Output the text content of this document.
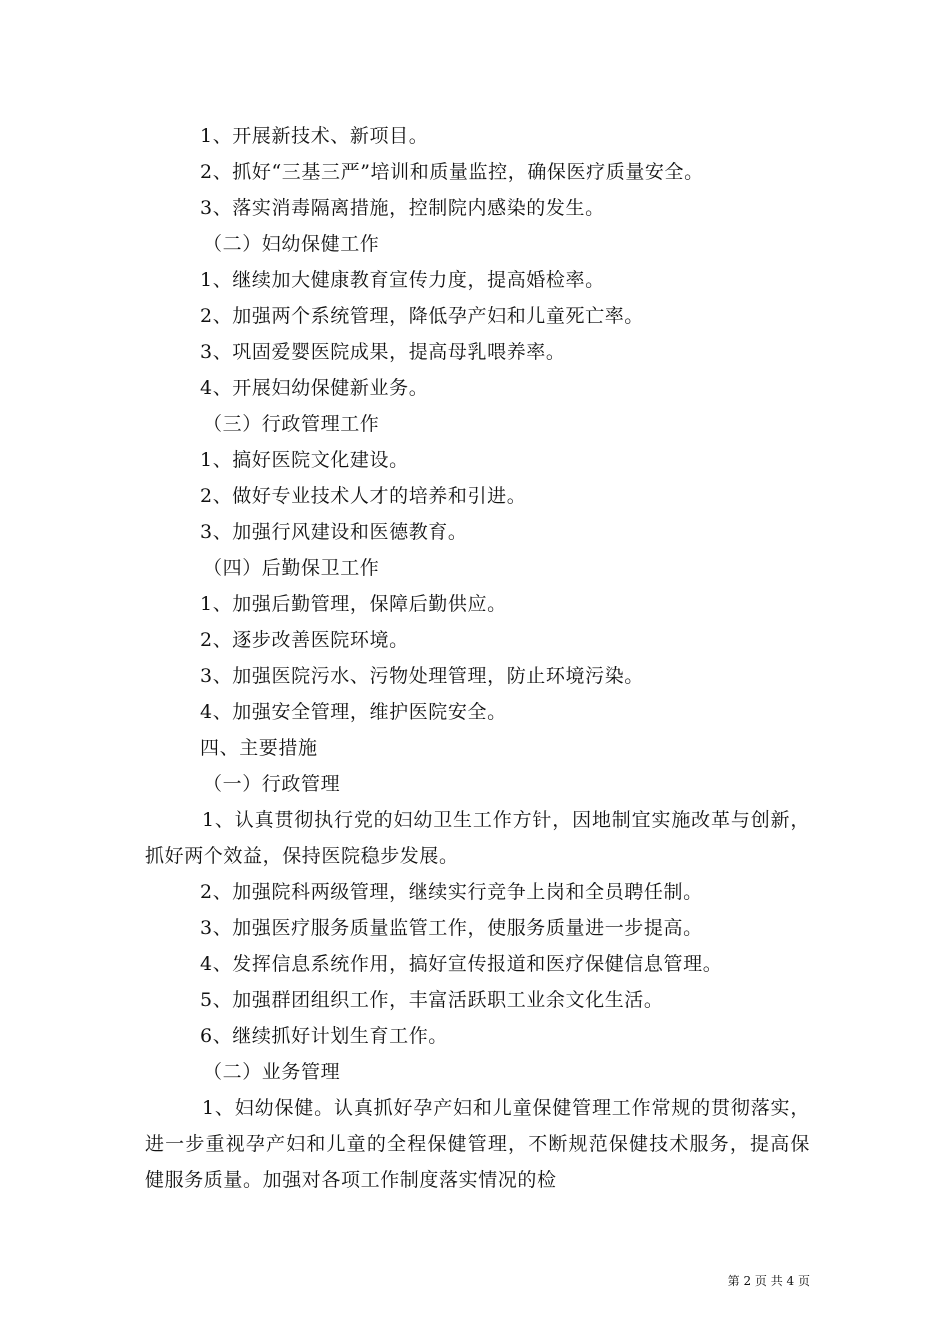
1、开展新技术、新项目。
2、抓好“三基三严”培训和质量监控，确保医疗质量安全。
3、落实消毒隔离措施，控制院内感染的发生。
（二）妇幼保健工作
1、继续加大健康教育宣传力度，提高婚检率。
2、加强两个系统管理，降低孕产妇和儿童死亡率。
3、巩固爱婴医院成果，提高母乳喂养率。
4、开展妇幼保健新业务。
（三）行政管理工作
1、搞好医院文化建设。
2、做好专业技术人才的培养和引进。
3、加强行风建设和医德教育。
（四）后勤保卫工作
1、加强后勤管理，保障后勤供应。
2、逐步改善医院环境。
3、加强医院污水、污物处理管理，防止环境污染。
4、加强安全管理，维护医院安全。
四、主要措施
（一）行政管理
1、认真贯彻执行党的妇幼卫生工作方针，因地制宜实施改革与创新，抓好两个效益，保持医院稳步发展。
2、加强院科两级管理，继续实行竞争上岗和全员聘任制。
3、加强医疗服务质量监管工作，使服务质量进一步提高。
4、发挥信息系统作用，搞好宣传报道和医疗保健信息管理。
5、加强群团组织工作，丰富活跃职工业余文化生活。
6、继续抓好计划生育工作。
（二）业务管理
1、妇幼保健。认真抓好孕产妇和儿童保健管理工作常规的贯彻落实，进一步重视孕产妇和儿童的全程保健管理，不断规范保健技术服务，提高保健服务质量。加强对各项工作制度落实情况的检
第 2 页 共 4 页
